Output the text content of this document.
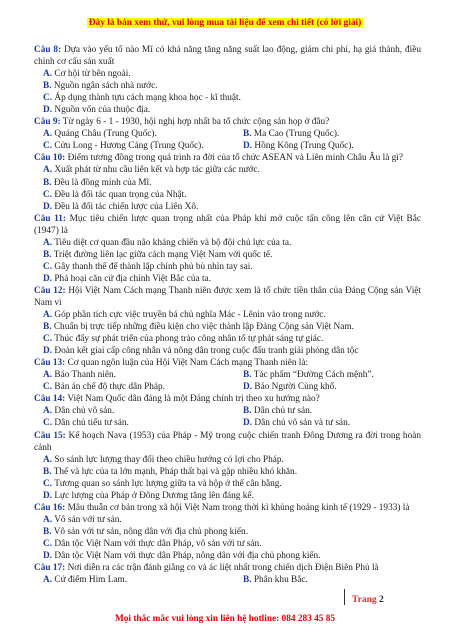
Đây là bản xem thử, vui lòng mua tài liệu để xem chi tiết (có lời giải)
Câu 8: Dựa vào yếu tố nào Mĩ có khả năng tăng năng suất lao động, giảm chi phí, hạ giá thành, điều chỉnh cơ cấu sản xuất
A. Cơ hội từ bên ngoài.
B. Nguồn ngân sách nhà nước.
C. Áp dụng thành tựu cách mạng khoa học - kĩ thuật.
D. Nguồn vốn của thuộc địa.
Câu 9: Từ ngày 6 - 1 - 1930, hội nghị hợp nhất ba tổ chức cộng sản họp ở đâu?
A. Quảng Châu (Trung Quốc).	B. Ma Cao (Trung Quốc).
C. Cửu Long - Hương Cảng (Trung Quốc).	D. Hồng Kông (Trung Quốc).
Câu 10: Điểm tương đồng trong quá trình ra đời của tổ chức ASEAN và Liên minh Châu Âu là gì?
A. Xuất phát từ nhu cầu liên kết và hợp tác giữa các nước.
B. Đều là đồng minh của Mĩ.
C. Đều là đối tác quan trọng của Nhật.
D. Đều là đối tác chiến lược của Liên Xô.
Câu 11: Mục tiêu chiến lược quan trọng nhất của Pháp khi mở cuộc tấn công lên căn cứ Việt Bắc (1947) là
A. Tiêu diệt cơ quan đầu não kháng chiến và bộ đội chủ lực của ta.
B. Triệt đường liên lạc giữa cách mạng Việt Nam với quốc tế.
C. Gây thanh thế để thành lập chính phủ bù nhìn tay sai.
D. Phá hoại căn cứ địa chính Việt Bắc của ta.
Câu 12: Hội Việt Nam Cách mạng Thanh niên được xem là tổ chức tiền thân của Đảng Cộng sản Việt Nam vì
A. Góp phần tích cực việc truyền bá chủ nghĩa Mác - Lênin vào trong nước.
B. Chuẩn bị trực tiếp những điều kiện cho việc thành lập Đảng Cộng sản Việt Nam.
C. Thúc đẩy sự phát triển của phong trào công nhân tổ tự phát sáng tự giác.
D. Đoàn kết giai cấp công nhân và nông dân trong cuộc đấu tranh giải phóng dân tộc
Câu 13: Cơ quan ngôn luận của Hội Việt Nam Cách mạng Thanh niên là:
A. Báo Thanh niên.	B. Tác phẩm “Đường Cách mệnh”.
C. Bản án chế độ thực dân Pháp.	D. Báo Người Cùng khổ.
Câu 14: Việt Nam Quốc dân đảng là một Đảng chính trị theo xu hướng nào?
A. Dân chủ vô sản.	B. Dân chủ tư sản.
C. Dân chủ tiểu tư sản.	D. Dân chủ vô sản và tư sản.
Câu 15: Kế hoạch Nava (1953) của Pháp - Mỹ trong cuộc chiến tranh Đông Dương ra đời trong hoàn cảnh
A. So sánh lực lượng thay đổi theo chiều hướng có lợi cho Pháp.
B. Thế và lực của ta lớn mạnh, Pháp thất bại và gặp nhiều khó khăn.
C. Tương quan so sánh lực lượng giữa ta và hộp ở thế cân bằng.
D. Lực lượng của Pháp ở Đông Dương tăng lên đáng kể.
Câu 16: Mâu thuẫn cơ bản trong xã hội Việt Nam trong thời kì khủng hoảng kinh tế (1929 - 1933) là
A. Vô sản với tư sản.
B. Vô sản với tư sản, nông dân với địa chủ phong kiến.
C. Dân tộc Việt Nam với thực dân Pháp, vô sản với tư sản.
D. Dân tộc Việt Nam với thực dân Pháp, nông dân với địa chủ phong kiến.
Câu 17: Nơi diễn ra các trận đánh giằng co và ác liệt nhất trong chiến dịch Điện Biên Phủ là
A. Cứ điểm Him Lam.	B. Phân khu Bắc.
Trang 2
Mọi thắc mắc vui lòng xin liên hệ hotline: 084 283 45 85
